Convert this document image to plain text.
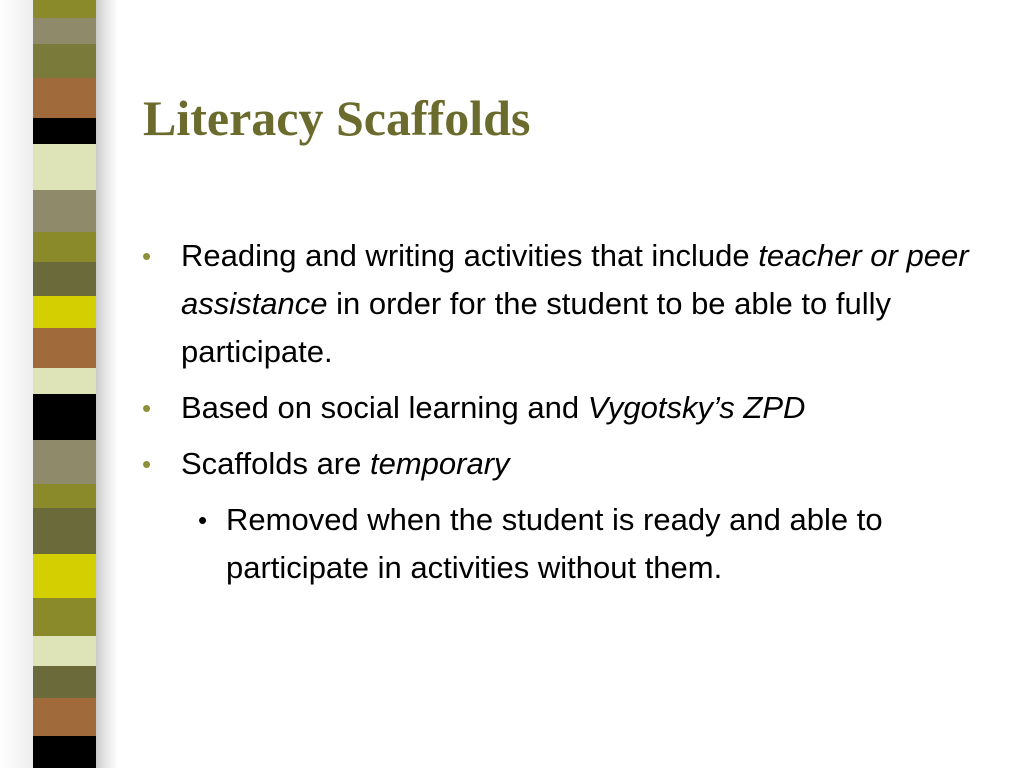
Literacy Scaffolds

• Reading and writing activities that include teacher or peer assistance in order for the student to be able to fully participate.

• Based on social learning and Vygotsky’s ZPD

• Scaffolds are temporary

• Removed when the student is ready and able to participate in activities without them.
